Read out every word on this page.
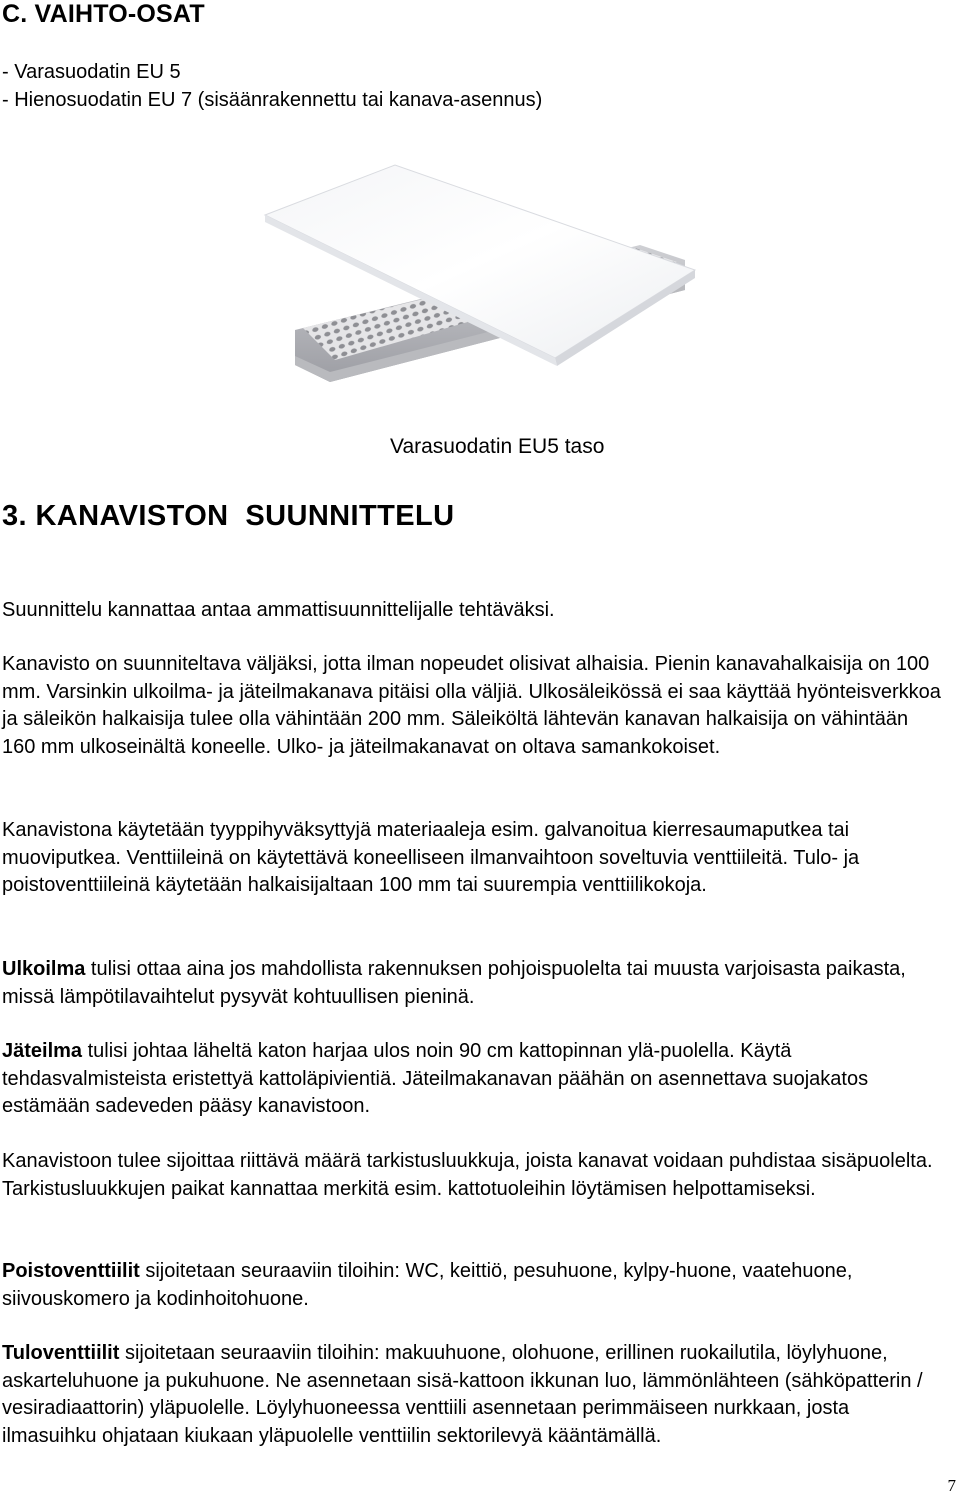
C. VAIHTO-OSAT
- Varasuodatin EU 5
- Hienosuodatin EU 7 (sisäänrakennettu tai kanava-asennus)
Varasuodatin EU5 taso
3. KANAVISTON  SUUNNITTELU

Suunnittelu kannattaa antaa ammattisuunnittelijalle tehtäväksi.

Kanavisto on suunniteltava väljäksi, jotta ilman nopeudet olisivat alhaisia. Pienin kanavahalkaisija on 100 mm. Varsinkin ulkoilma- ja jäteilmakanava pitäisi olla väljiä. Ulkosäleikössä ei saa käyttää hyönteisverkkoa ja säleikön halkaisija tulee olla vähintään 200 mm. Säleiköltä lähtevän kanavan halkaisija on vähintään 160 mm ulkoseinältä koneelle. Ulko- ja jäteilmakanavat on oltava samankokoiset.

Kanavistona käytetään tyyppihyväksyttyjä materiaaleja esim. galvanoitua kierresaumaputkea tai muoviputkea. Venttiileinä on käytettävä koneelliseen ilmanvaihtoon soveltuvia venttiileitä. Tulo- ja poistoventtiileinä käytetään halkaisijaltaan 100 mm tai suurempia venttiilikokoja.

Ulkoilma tulisi ottaa aina jos mahdollista rakennuksen pohjoispuolelta tai muusta varjoisasta paikasta, missä lämpötilavaihtelut pysyvät kohtuullisen pieninä.

Jäteilma tulisi johtaa läheltä katon harjaa ulos noin 90 cm kattopinnan ylä-puolella. Käytä tehdasvalmisteista eristettyä kattoläpivientiä. Jäteilmakanavan päähän on asennettava suojakatos estämään sadeveden pääsy kanavistoon.

Kanavistoon tulee sijoittaa riittävä määrä tarkistusluukkuja, joista kanavat voidaan puhdistaa sisäpuolelta. Tarkistusluukkujen paikat kannattaa merkitä esim. kattotuoleihin löytämisen helpottamiseksi.

Poistoventtiilit sijoitetaan seuraaviin tiloihin: WC, keittiö, pesuhuone, kylpy-huone, vaatehuone, siivouskomero ja kodinhoitohuone.

Tuloventtiilit sijoitetaan seuraaviin tiloihin: makuuhuone, olohuone, erillinen ruokailutila, löylyhuone, askarteluhuone ja pukuhuone. Ne asennetaan sisä-kattoon ikkunan luo, lämmönlähteen (sähköpatterin / vesiradiaattorin) yläpuolelle. Löylyhuoneessa venttiili asennetaan perimmäiseen nurkkaan, josta ilmasuihku ohjataan kiukaan yläpuolelle venttiilin sektorilevyä kääntämällä.

7
